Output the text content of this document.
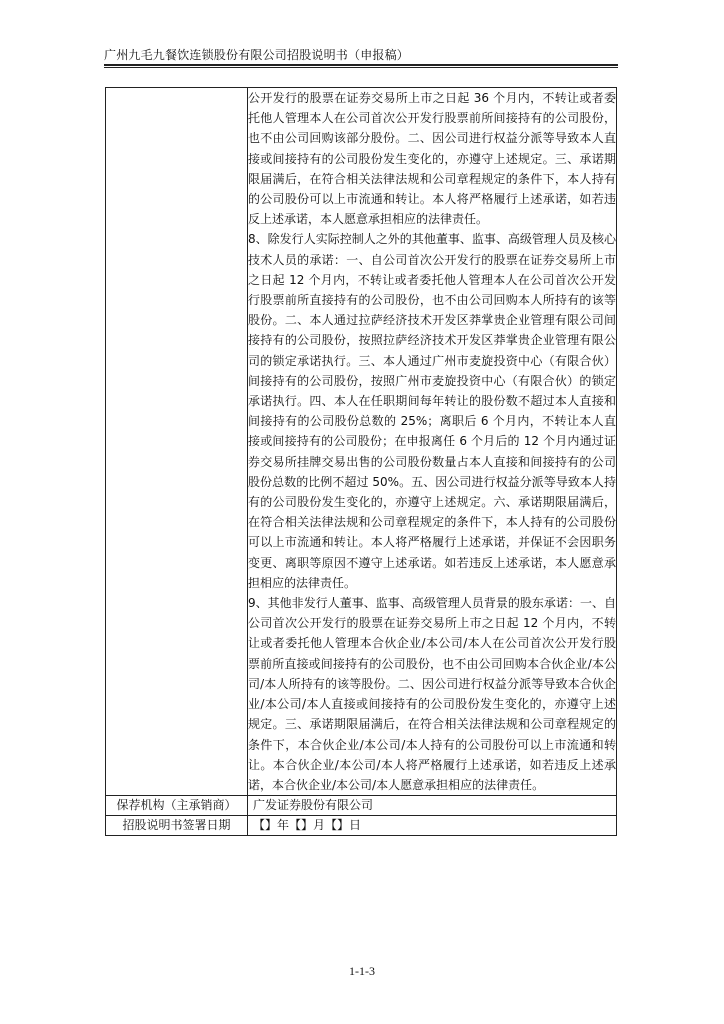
广州九毛九餐饮连锁股份有限公司招股说明书（申报稿）

	公开发行的股票在证券交易所上市之日起 36 个月内，不转让或者委托他人管理本人在公司首次公开发行股票前所间接持有的公司股份，也不由公司回购该部分股份。二、因公司进行权益分派等导致本人直接或间接持有的公司股份发生变化的，亦遵守上述规定。三、承诺期限届满后，在符合相关法律法规和公司章程规定的条件下，本人持有的公司股份可以上市流通和转让。本人将严格履行上述承诺，如若违反上述承诺，本人愿意承担相应的法律责任。

8、除发行人实际控制人之外的其他董事、监事、高级管理人员及核心技术人员的承诺：一、自公司首次公开发行的股票在证券交易所上市之日起 12 个月内，不转让或者委托他人管理本人在公司首次公开发行股票前所直接持有的公司股份，也不由公司回购本人所持有的该等股份。二、本人通过拉萨经济技术开发区莽掌贵企业管理有限公司间接持有的公司股份，按照拉萨经济技术开发区莽掌贵企业管理有限公司的锁定承诺执行。三、本人通过广州市麦旋投资中心（有限合伙）间接持有的公司股份，按照广州市麦旋投资中心（有限合伙）的锁定承诺执行。四、本人在任职期间每年转让的股份数不超过本人直接和间接持有的公司股份总数的 25%；离职后 6 个月内，不转让本人直接或间接持有的公司股份；在申报离任 6 个月后的 12 个月内通过证券交易所挂牌交易出售的公司股份数量占本人直接和间接持有的公司股份总数的比例不超过 50%。五、因公司进行权益分派等导致本人持有的公司股份发生变化的，亦遵守上述规定。六、承诺期限届满后，在符合相关法律法规和公司章程规定的条件下，本人持有的公司股份可以上市流通和转让。本人将严格履行上述承诺，并保证不会因职务变更、离职等原因不遵守上述承诺。如若违反上述承诺，本人愿意承担相应的法律责任。

9、其他非发行人董事、监事、高级管理人员背景的股东承诺：一、自公司首次公开发行的股票在证券交易所上市之日起 12 个月内，不转让或者委托他人管理本合伙企业/本公司/本人在公司首次公开发行股票前所直接或间接持有的公司股份，也不由公司回购本合伙企业/本公司/本人所持有的该等股份。二、因公司进行权益分派等导致本合伙企业/本公司/本人直接或间接持有的公司股份发生变化的，亦遵守上述规定。三、承诺期限届满后，在符合相关法律法规和公司章程规定的条件下，本合伙企业/本公司/本人持有的公司股份可以上市流通和转让。本合伙企业/本公司/本人将严格履行上述承诺，如若违反上述承诺，本合伙企业/本公司/本人愿意承担相应的法律责任。

保荐机构（主承销商）	广发证券股份有限公司
招股说明书签署日期	【】年【】月【】日
1-1-3
